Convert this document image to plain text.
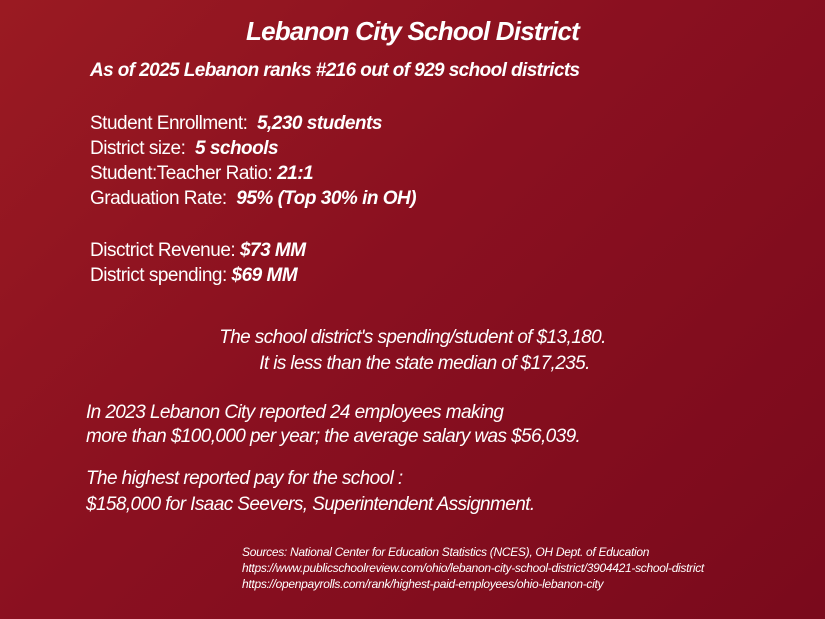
Lebanon City School District
As of 2025 Lebanon ranks #216 out of 929 school districts
Student Enrollment: 5,230 students
District size: 5 schools
Student:Teacher Ratio: 21:1
Graduation Rate: 95% (Top 30% in OH)
Disctrict Revenue: $73 MM
District spending: $69 MM
The school district's spending/student of $13,180.
It is less than the state median of $17,235.
In 2023 Lebanon City reported 24 employees making
more than $100,000 per year; the average salary was $56,039.
The highest reported pay for the school :
$158,000 for Isaac Seevers, Superintendent Assignment.
Sources: National Center for Education Statistics (NCES), OH Dept. of Education
https://www.publicschoolreview.com/ohio/lebanon-city-school-district/3904421-school-district
https://openpayrolls.com/rank/highest-paid-employees/ohio-lebanon-city
